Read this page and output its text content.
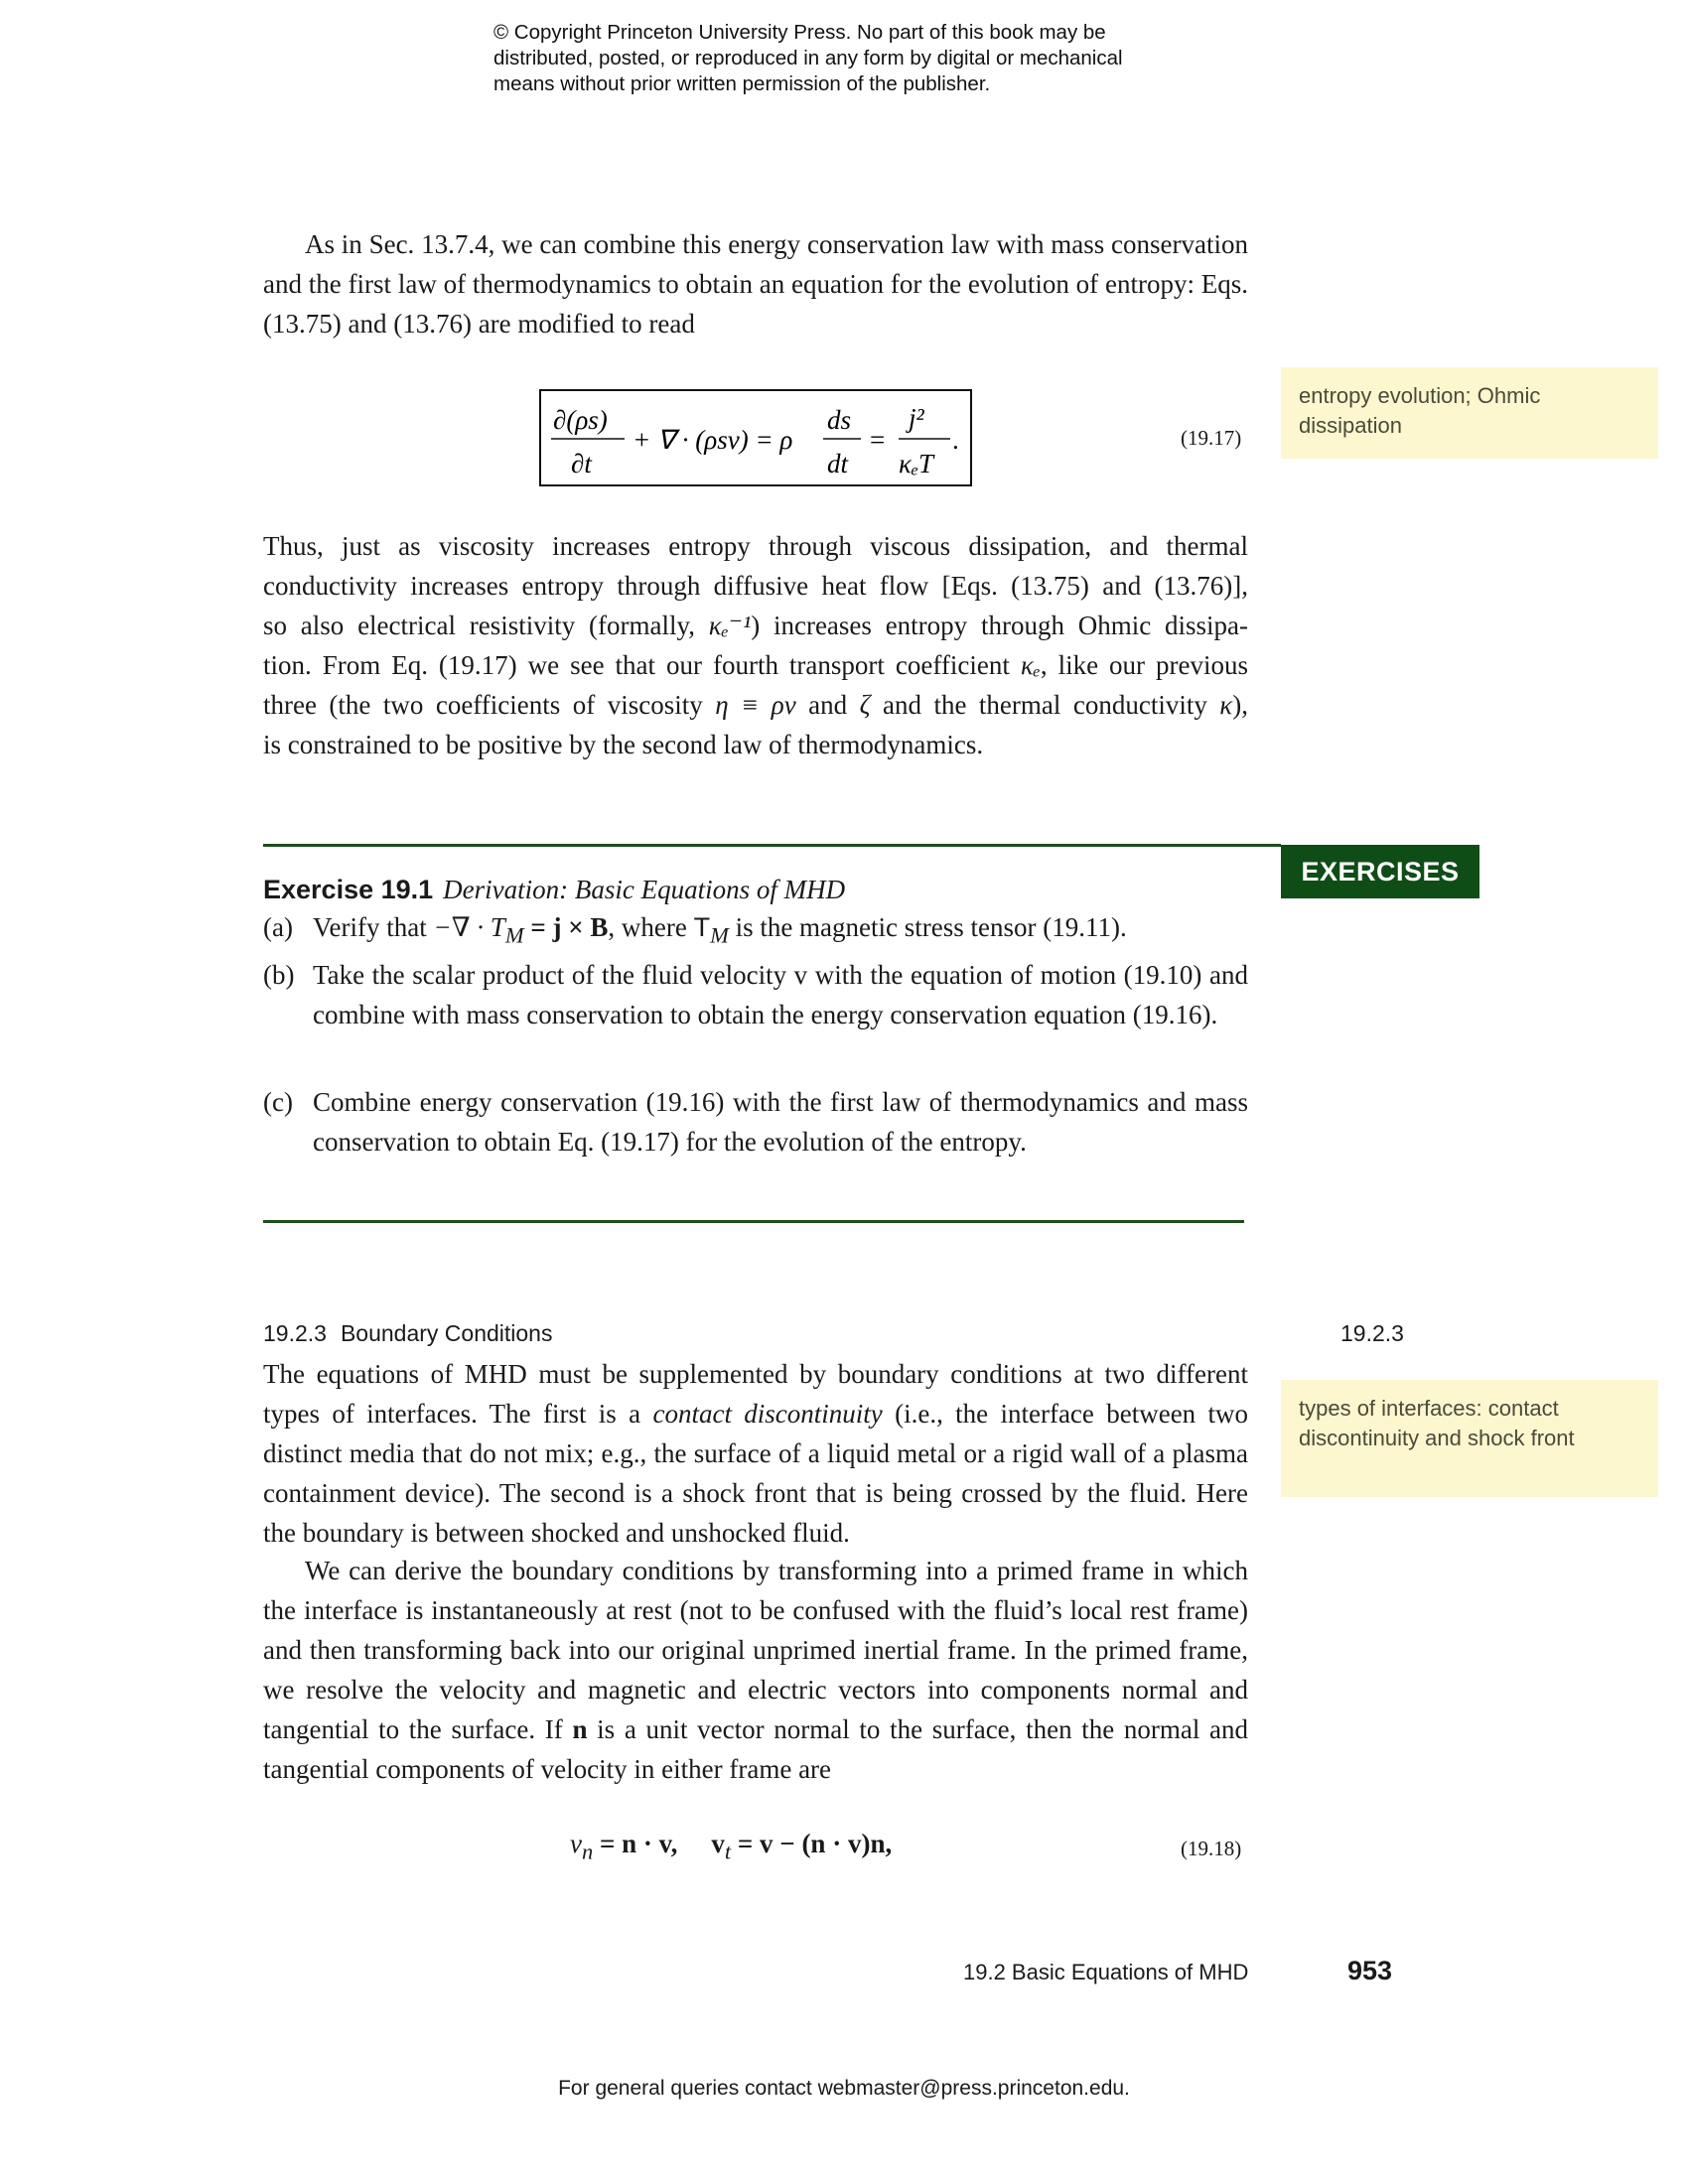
© Copyright Princeton University Press. No part of this book may be
distributed, posted, or reproduced in any form by digital or mechanical
means without prior written permission of the publisher.
As in Sec. 13.7.4, we can combine this energy conservation law with mass conservation and the first law of thermodynamics to obtain an equation for the evolution of entropy: Eqs. (13.75) and (13.76) are modified to read
∂(ρs)
∂t
+ ∇ · (ρsv) = ρ
ds
dt
=
j²
κₑT
.	(19.17)
entropy evolution; Ohmic dissipation
Thus, just as viscosity increases entropy through viscous dissipation, and thermal
conductivity increases entropy through diffusive heat flow [Eqs. (13.75) and (13.76)],
so also electrical resistivity (formally, κₑ⁻¹) increases entropy through Ohmic dissipa-
tion. From Eq. (19.17) we see that our fourth transport coefficient κₑ, like our previous
three (the two coefficients of viscosity η ≡ ρν and ζ and the thermal conductivity κ),
is constrained to be positive by the second law of thermodynamics.
EXERCISES
Exercise 19.1 Derivation: Basic Equations of MHD
(a) Verify that −∇ · $T_M = j \times B$, where $T_M$ is the magnetic stress tensor (19.11).
(b) Take the scalar product of the fluid velocity v with the equation of motion (19.10) and combine with mass conservation to obtain the energy conservation equation (19.16).
(c) Combine energy conservation (19.16) with the first law of thermodynamics and mass conservation to obtain Eq. (19.17) for the evolution of the entropy.
19.2.3 Boundary Conditions	19.2.3
types of interfaces: contact discontinuity and shock front
The equations of MHD must be supplemented by boundary conditions at two different types of interfaces. The first is a contact discontinuity (i.e., the interface between two distinct media that do not mix; e.g., the surface of a liquid metal or a rigid wall of a plasma containment device). The second is a shock front that is being crossed by the fluid. Here the boundary is between shocked and unshocked fluid.
We can derive the boundary conditions by transforming into a primed frame in which the interface is instantaneously at rest (not to be confused with the fluid’s local rest frame) and then transforming back into our original unprimed inertial frame. In the primed frame, we resolve the velocity and magnetic and electric vectors into components normal and tangential to the surface. If n is a unit vector normal to the surface, then the normal and tangential components of velocity in either frame are
$v_n = n \cdot v$, $v_t = v - (n \cdot v)n$,	(19.18)
19.2 Basic Equations of MHD	953
For general queries contact webmaster@press.princeton.edu.
